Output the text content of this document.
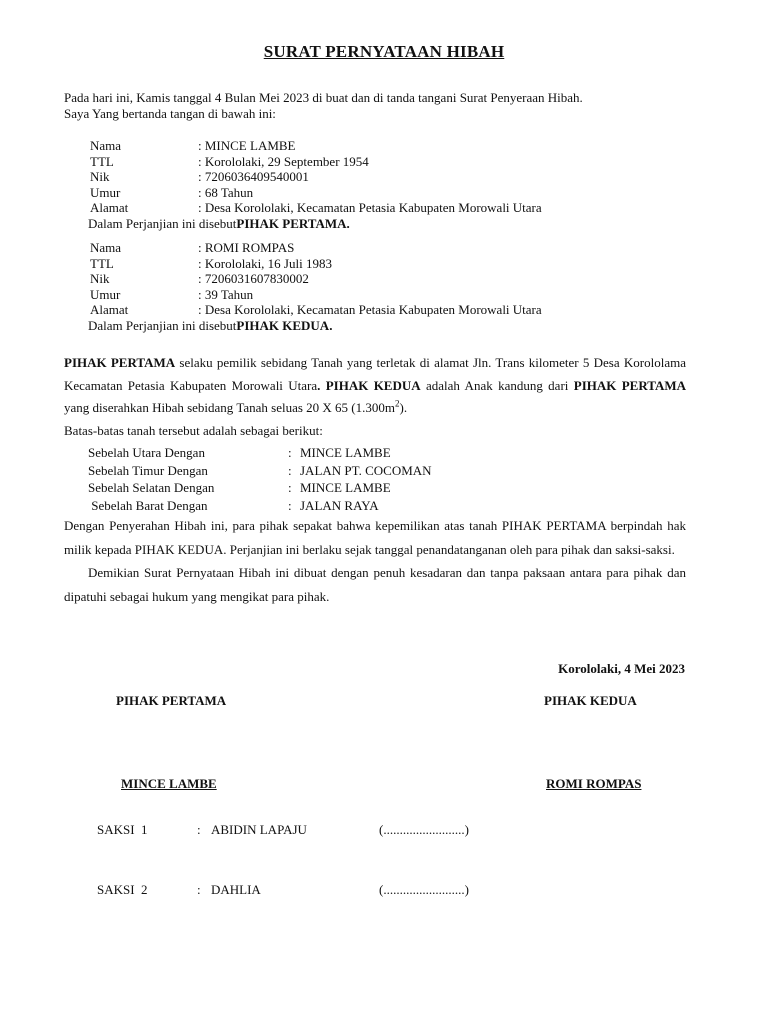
SURAT PERNYATAAN HIBAH

Pada hari ini, Kamis tanggal 4 Bulan Mei 2023 di buat dan di tanda tangani Surat Penyeraan Hibah.

Saya Yang bertanda tangan di bawah ini:

Nama	: MINCE LAMBE
TTL	: Korololaki, 29 September 1954
Nik	: 7206036409540001
Umur	: 68 Tahun
Alamat	: Desa Korololaki, Kecamatan Petasia Kabupaten Morowali Utara
Dalam Perjanjian ini disebut PIHAK PERTAMA.
Nama	: ROMI ROMPAS
TTL	: Korololaki, 16 Juli 1983
Nik	: 7206031607830002
Umur	: 39 Tahun
Alamat	: Desa Korololaki, Kecamatan Petasia Kabupaten Morowali Utara
Dalam Perjanjian ini disebut PIHAK KEDUA.

PIHAK PERTAMA selaku pemilik sebidang Tanah yang terletak di alamat Jln. Trans kilometer 5 Desa Korololama Kecamatan Petasia Kabupaten Morowali Utara. PIHAK KEDUA adalah Anak kandung dari PIHAK PERTAMA yang diserahkan Hibah sebidang Tanah seluas 20 X 65 $(1.300m^2)$.

Batas-batas tanah tersebut adalah sebagai berikut:

Sebelah Utara Dengan	: MINCE LAMBE
Sebelah Timur Dengan	: JALAN PT. COCOMAN
Sebelah Selatan Dengan	: MINCE LAMBE
Sebelah Barat Dengan	: JALAN RAYA

Dengan Penyerahan Hibah ini, para pihak sepakat bahwa kepemilikan atas tanah PIHAK PERTAMA berpindah hak milik kepada PIHAK KEDUA. Perjanjian ini berlaku sejak tanggal penandatanganan oleh para pihak dan saksi-saksi.

Demikian Surat Pernyataan Hibah ini dibuat dengan penuh kesadaran dan tanpa paksaan antara para pihak dan dipatuhi sebagai hukum yang mengikat para pihak.

Korololaki, 4 Mei 2023
PIHAK PERTAMA	PIHAK KEDUA
MINCE LAMBE	ROMI ROMPAS
SAKSI 1	: ABIDIN LAPAJU	(.........................)
SAKSI 2	: DAHLIA	(.........................)
